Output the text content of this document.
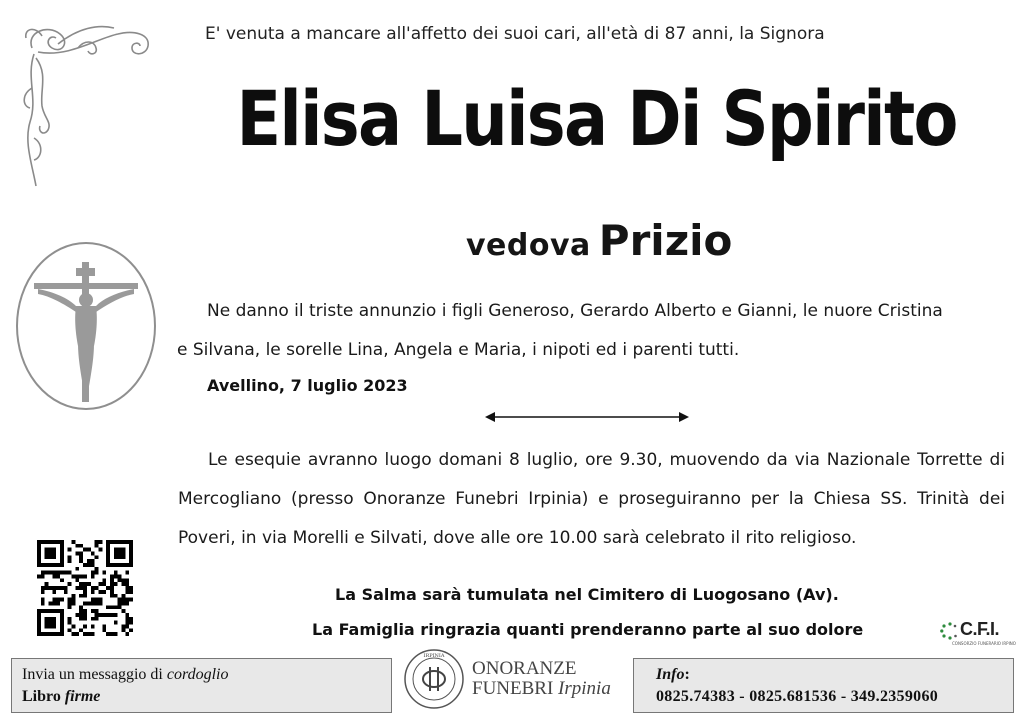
E' venuta a mancare all'affetto dei suoi cari, all'età di 87 anni, la Signora
Elisa Luisa Di Spirito
vedova Prizio
Ne danno il triste annunzio i figli Generoso, Gerardo Alberto e Gianni, le nuore Cristina
e Silvana, le sorelle Lina, Angela e Maria, i nipoti ed i parenti tutti.
Avellino, 7 luglio 2023

Le esequie avranno luogo domani 8 luglio, ore 9.30, muovendo da via Nazionale Torrette di Mercogliano (presso Onoranze Funebri Irpinia) e proseguiranno per la Chiesa SS. Trinità dei Poveri, in via Morelli e Silvati, dove alle ore 10.00 sarà celebrato il rito religioso.

La Salma sarà tumulata nel Cimitero di Luogosano (Av).
La Famiglia ringrazia quanti prenderanno parte al suo dolore	C.F.I.
CONSORZIO FUNERARIO IRPINO
Invia un messaggio di cordoglio
Libro firme
IRPINIA
ONORANZE
FUNEBRI Irpinia
Info:
0825.74383 - 0825.681536 - 349.2359060
